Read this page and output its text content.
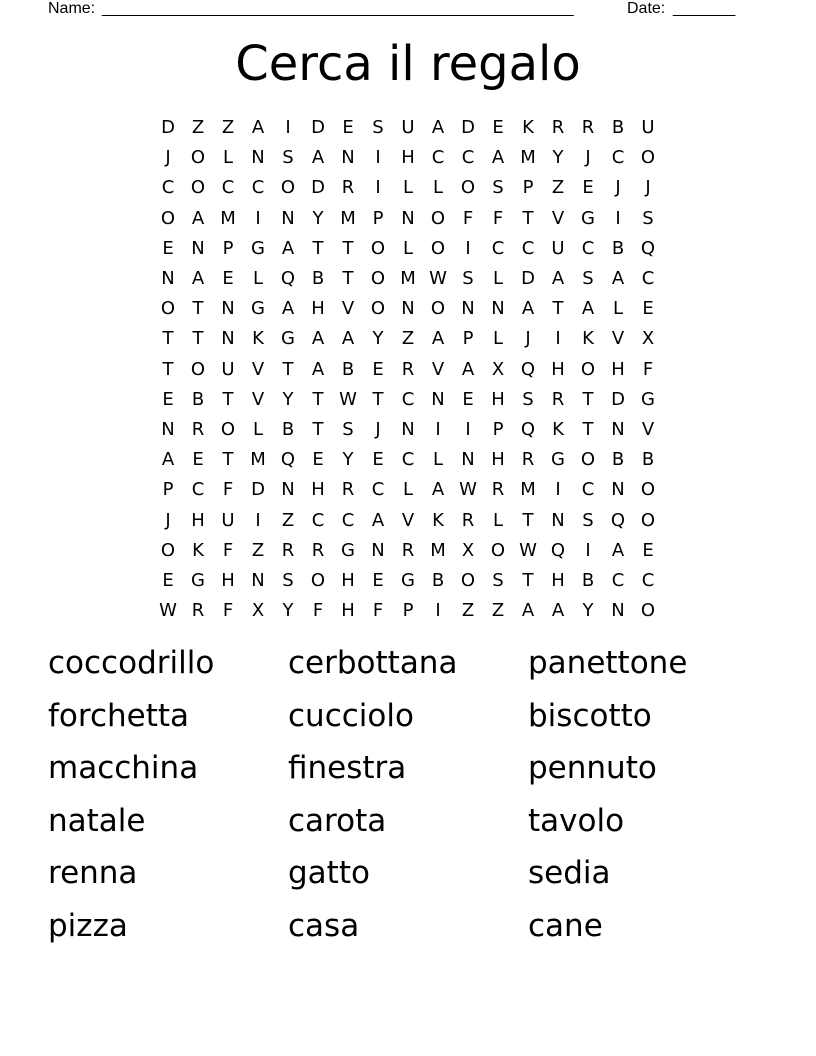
Name: _____________________________________________________	Date: _______
Cerca il regalo
D Z Z A	I	D E	S U A D E	K R R B U
J	O L	N S	A N	I	H C C A M Y	J	C O
C O C C O D R	I	L	L O S	P	Z	E	J	J
O A M	I	N Y M P N O F	F	T	V G	I	S
E N P G A	T	T O L O	I	C C U C B Q
N A	E	L Q B	T O M W S	L	D A	S	A C
O T N G A H V O N O N N A	T	A	L	E
T	T N K G A A	Y	Z A	P	L	J	I	K V X
T O U V	T	A B	E	R V A X Q H O H	F
E	B	T	V	Y	T W T	C N E H S	R	T D G
N R O L	B	T	S	J	N	I	I	P Q K	T N V
A	E	T M Q E	Y	E	C	L	N H R G O B B
P	C	F D N H R C	L	A W R M	I	C N O
J	H U	I	Z C C A V K R	L	T N S Q O
O K	F	Z R R G N R M X O W Q	I	A	E
E G H N S O H E G B O S	T H B C C
W R	F	X	Y	F	H	F	P	I	Z Z A A	Y N O
coccodrillo	cerbottana	panettone
forchetta	cucciolo	biscotto
macchina	finestra	pennuto
natale	carota	tavolo
renna	gatto	sedia
pizza	casa	cane
